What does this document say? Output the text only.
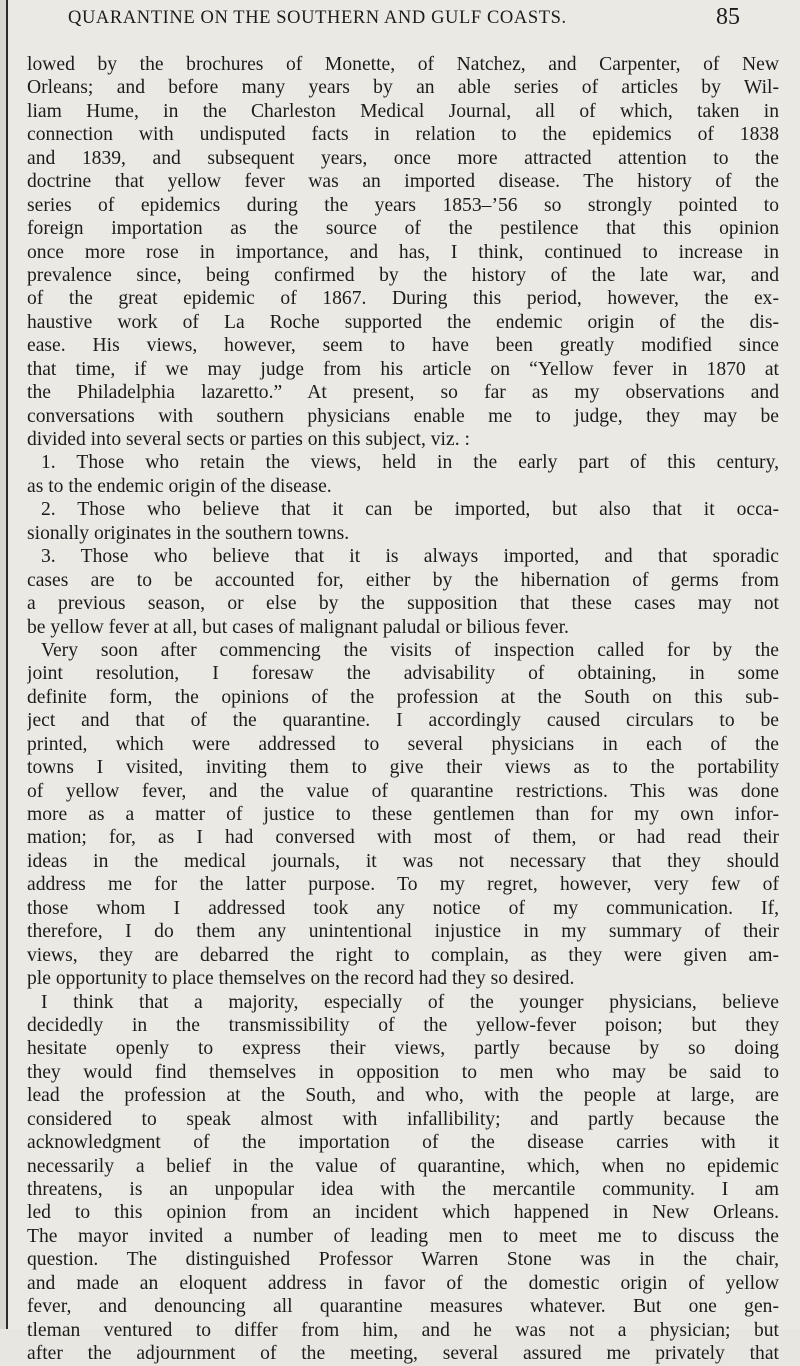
QUARANTINE ON THE SOUTHERN AND GULF COASTS.	85
lowed by the brochures of Monette, of Natchez, and Carpenter, of New
Orleans; and before many years by an able series of articles by Wil-
liam Hume, in the Charleston Medical Journal, all of which, taken in
connection with undisputed facts in relation to the epidemics of 1838
and 1839, and subsequent years, once more attracted attention to the
doctrine that yellow fever was an imported disease. The history of the
series of epidemics during the years 1853–’56 so strongly pointed to
foreign importation as the source of the pestilence that this opinion
once more rose in importance, and has, I think, continued to increase in
prevalence since, being confirmed by the history of the late war, and
of the great epidemic of 1867. During this period, however, the ex-
haustive work of La Roche supported the endemic origin of the dis-
ease. His views, however, seem to have been greatly modified since
that time, if we may judge from his article on “Yellow fever in 1870 at
the Philadelphia lazaretto.” At present, so far as my observations and
conversations with southern physicians enable me to judge, they may be
divided into several sects or parties on this subject, viz. :
1. Those who retain the views, held in the early part of this century,
as to the endemic origin of the disease.
2. Those who believe that it can be imported, but also that it occa-
sionally originates in the southern towns.
3. Those who believe that it is always imported, and that sporadic
cases are to be accounted for, either by the hibernation of germs from
a previous season, or else by the supposition that these cases may not
be yellow fever at all, but cases of malignant paludal or bilious fever.
Very soon after commencing the visits of inspection called for by the
joint resolution, I foresaw the advisability of obtaining, in some
definite form, the opinions of the profession at the South on this sub-
ject and that of the quarantine. I accordingly caused circulars to be
printed, which were addressed to several physicians in each of the
towns I visited, inviting them to give their views as to the portability
of yellow fever, and the value of quarantine restrictions. This was done
more as a matter of justice to these gentlemen than for my own infor-
mation; for, as I had conversed with most of them, or had read their
ideas in the medical journals, it was not necessary that they should
address me for the latter purpose. To my regret, however, very few of
those whom I addressed took any notice of my communication. If,
therefore, I do them any unintentional injustice in my summary of their
views, they are debarred the right to complain, as they were given am-
ple opportunity to place themselves on the record had they so desired.
I think that a majority, especially of the younger physicians, believe
decidedly in the transmissibility of the yellow-fever poison; but they
hesitate openly to express their views, partly because by so doing
they would find themselves in opposition to men who may be said to
lead the profession at the South, and who, with the people at large, are
considered to speak almost with infallibility; and partly because the
acknowledgment of the importation of the disease carries with it
necessarily a belief in the value of quarantine, which, when no epidemic
threatens, is an unpopular idea with the mercantile community. I am
led to this opinion from an incident which happened in New Orleans.
The mayor invited a number of leading men to meet me to discuss the
question. The distinguished Professor Warren Stone was in the chair,
and made an eloquent address in favor of the domestic origin of yellow
fever, and denouncing all quarantine measures whatever. But one gen-
tleman ventured to differ from him, and he was not a physician; but
after the adjournment of the meeting, several assured me privately that
